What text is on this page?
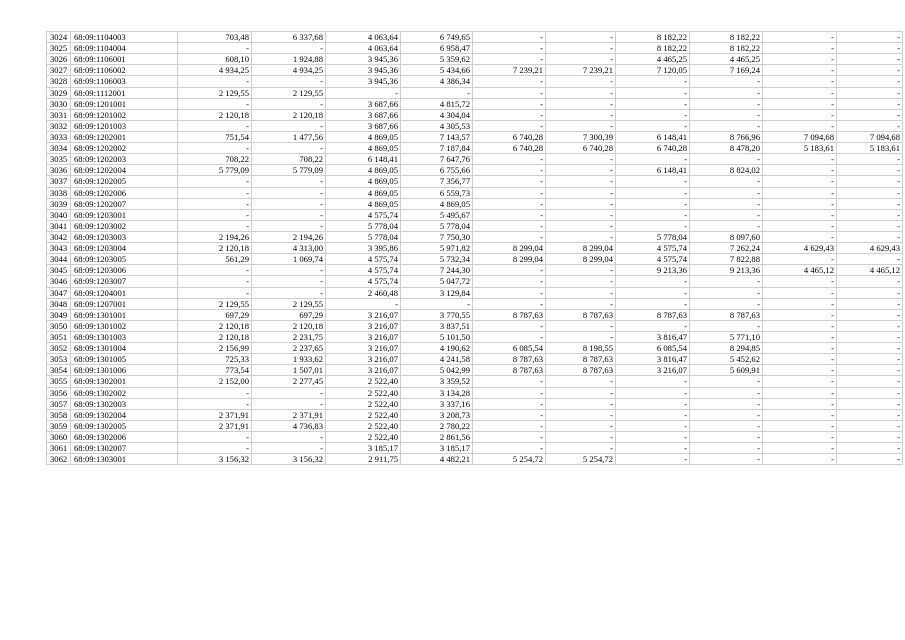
3024	68:09:1104003	703,48	6 337,68	4 063,64	6 749,65	-	-	8 182,22	8 182,22	-	-
3025	68:09:1104004	-	-	4 063,64	6 958,47	-	-	8 182,22	8 182,22	-	-
3026	68:09:1106001	608,10	1 924,88	3 945,36	5 359,62	-	-	4 465,25	4 465,25	-	-
3027	68:09:1106002	4 934,25	4 934,25	3 945,36	5 434,66	7 239,21	7 239,21	7 120,05	7 169,24	-	-
3028	68:09:1106003	-	-	3 945,36	4 386,34	-	-	-	-	-	-
3029	68:09:1112001	2 129,55	2 129,55	-	-	-	-	-	-	-	-
3030	68:09:1201001	-	-	3 687,66	4 815,72	-	-	-	-	-	-
3031	68:09:1201002	2 120,18	2 120,18	3 687,66	4 304,04	-	-	-	-	-	-
3032	68:09:1201003	-	-	3 687,66	4 305,53	-	-	-	-	-	-
3033	68:09:1202001	751,54	1 477,56	4 869,05	7 143,57	6 740,28	7 300,39	6 148,41	8 766,96	7 094,68	7 094,68
3034	68:09:1202002	-	-	4 869,05	7 187,84	6 740,28	6 740,28	6 740,28	8 478,20	5 183,61	5 183,61
3035	68:09:1202003	708,22	708,22	6 148,41	7 647,76	-	-	-	-	-	-
3036	68:09:1202004	5 779,09	5 779,09	4 869,05	6 755,66	-	-	6 148,41	8 824,02	-	-
3037	68:09:1202005	-	-	4 869,05	7 356,77	-	-	-	-	-	-
3038	68:09:1202006	-	-	4 869,05	6 559,73	-	-	-	-	-	-
3039	68:09:1202007	-	-	4 869,05	4 869,05	-	-	-	-	-	-
3040	68:09:1203001	-	-	4 575,74	5 495,67	-	-	-	-	-	-
3041	68:09:1203002	-	-	5 778,04	5 778,04	-	-	-	-	-	-
3042	68:09:1203003	2 194,26	2 194,26	5 778,04	7 750,30	-	-	5 778,04	8 097,60	-	-
3043	68:09:1203004	2 120,18	4 313,00	3 395,86	5 971,82	8 299,04	8 299,04	4 575,74	7 262,24	4 629,43	4 629,43
3044	68:09:1203005	561,29	1 069,74	4 575,74	5 732,34	8 299,04	8 299,04	4 575,74	7 822,88	-	-
3045	68:09:1203006	-	-	4 575,74	7 244,30	-	-	9 213,36	9 213,36	4 465,12	4 465,12
3046	68:09:1203007	-	-	4 575,74	5 047,72	-	-	-	-	-	-
3047	68:09:1204001	-	-	2 460,48	3 129,84	-	-	-	-	-	-
3048	68:09:1207001	2 129,55	2 129,55	-	-	-	-	-	-	-	-
3049	68:09:1301001	697,29	697,29	3 216,07	3 770,55	8 787,63	8 787,63	8 787,63	8 787,63	-	-
3050	68:09:1301002	2 120,18	2 120,18	3 216,07	3 837,51	-	-	-	-	-	-
3051	68:09:1301003	2 120,18	2 231,75	3 216,07	5 101,50	-	-	3 816,47	5 771,10	-	-
3052	68:09:1301004	2 156,99	2 237,65	3 216,07	4 190,62	6 085,54	8 198,55	6 085,54	8 294,85	-	-
3053	68:09:1301005	725,33	1 933,62	3 216,07	4 241,58	8 787,63	8 787,63	3 816,47	5 452,62	-	-
3054	68:09:1301006	773,54	1 507,01	3 216,07	5 042,99	8 787,63	8 787,63	3 216,07	5 609,91	-	-
3055	68:09:1302001	2 152,00	2 277,45	2 522,40	3 359,52	-	-	-	-	-	-
3056	68:09:1302002	-	-	2 522,40	3 134,28	-	-	-	-	-	-
3057	68:09:1302003	-	-	2 522,40	3 337,16	-	-	-	-	-	-
3058	68:09:1302004	2 371,91	2 371,91	2 522,40	3 208,73	-	-	-	-	-	-
3059	68:09:1302005	2 371,91	4 736,83	2 522,40	2 780,22	-	-	-	-	-	-
3060	68:09:1302006	-	-	2 522,40	2 861,56	-	-	-	-	-	-
3061	68:09:1302007	-	-	3 185,17	3 185,17	-	-	-	-	-	-
3062	68:09:1303001	3 156,32	3 156,32	2 911,75	4 482,21	5 254,72	5 254,72	-	-	-	-
